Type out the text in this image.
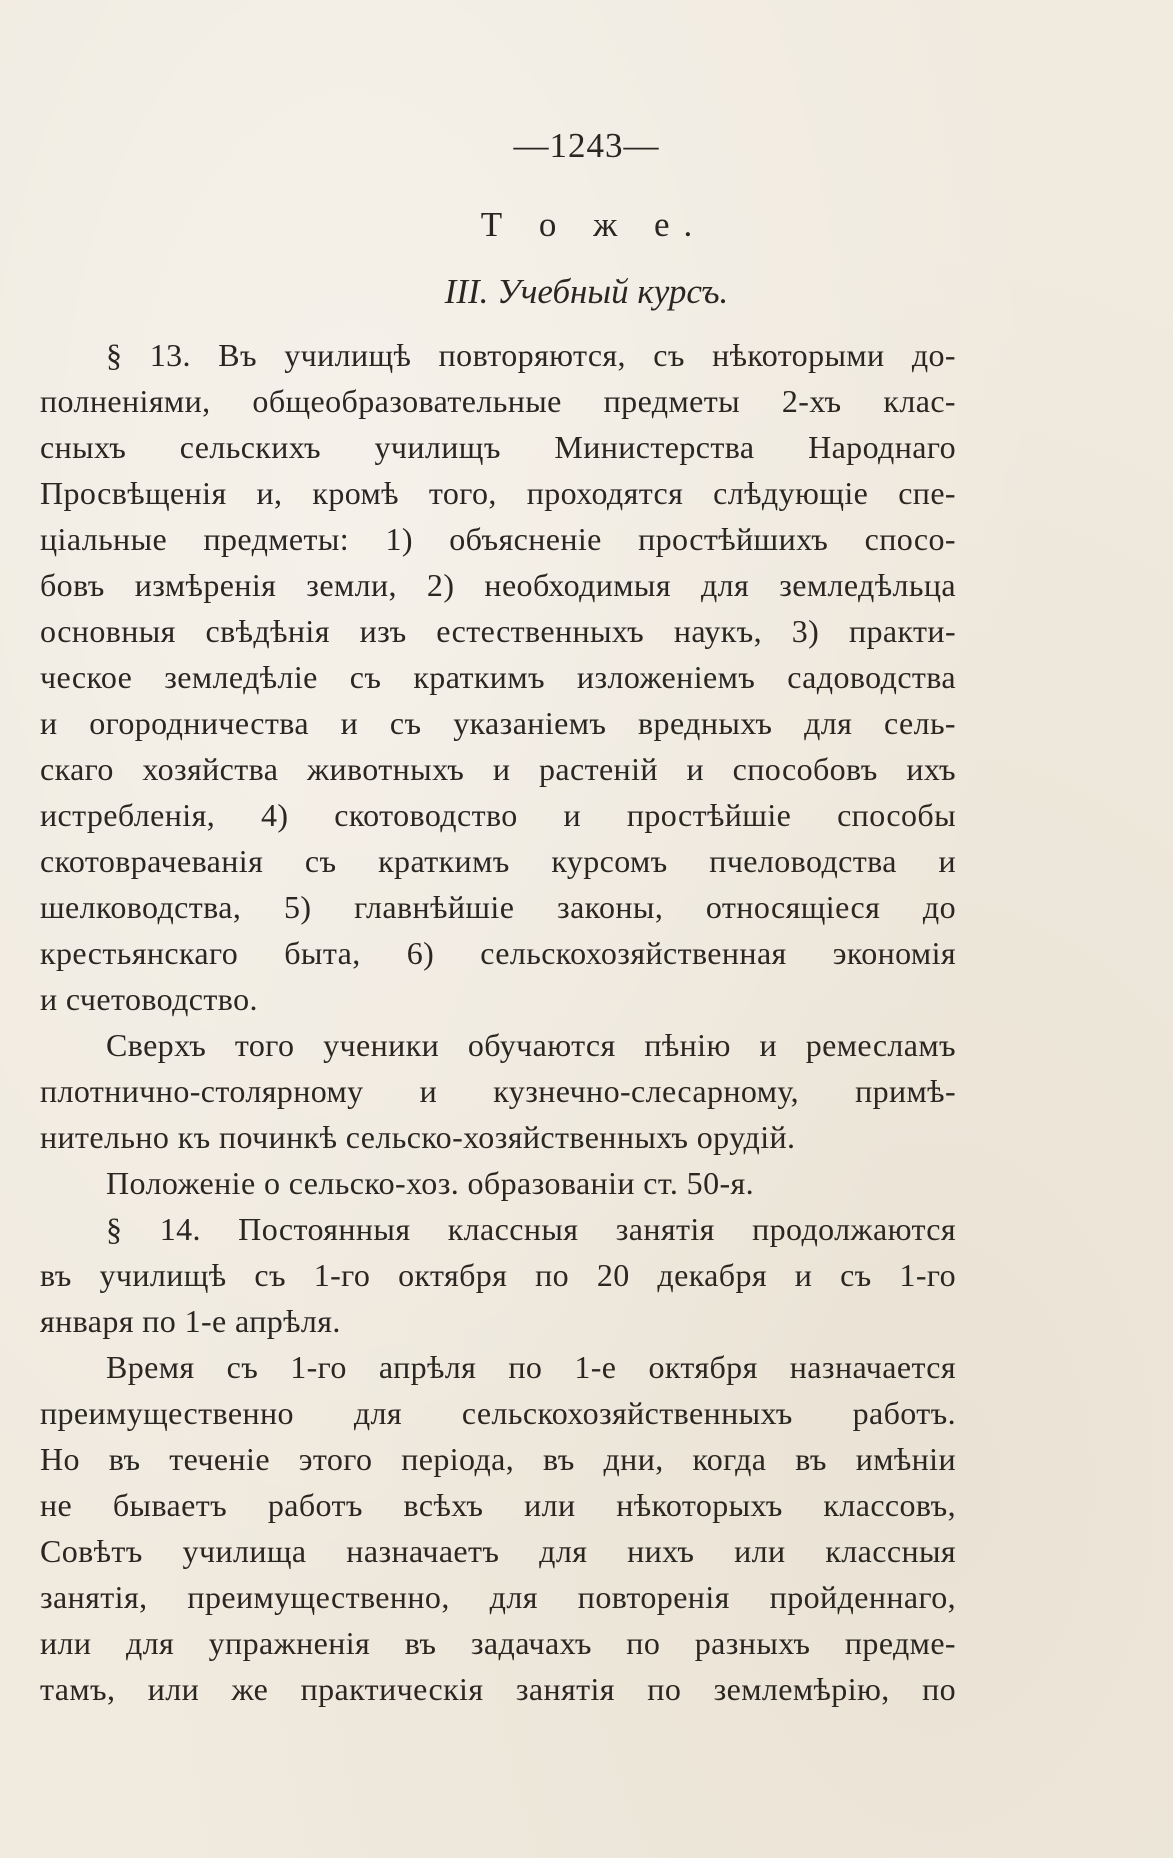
—1243—
Т о ж е.
III. Учебный курсъ.
§ 13. Въ училищѣ повторяются, съ нѣкоторыми до-
полненіями, общеобразовательные предметы 2-хъ клас-
сныхъ сельскихъ училищъ Министерства Народнаго
Просвѣщенія и, кромѣ того, проходятся слѣдующіе спе-
ціальные предметы: 1) объясненіе простѣйшихъ спосо-
бовъ измѣренія земли, 2) необходимыя для земледѣльца
основныя свѣдѣнія изъ естественныхъ наукъ, 3) практи-
ческое земледѣліе съ краткимъ изложеніемъ садоводства
и огородничества и съ указаніемъ вредныхъ для сель-
скаго хозяйства животныхъ и растеній и способовъ ихъ
истребленія, 4) скотоводство и простѣйшіе способы
скотоврачеванія съ краткимъ курсомъ пчеловодства и
шелководства, 5) главнѣйшіе законы, относящіеся до
крестьянскаго быта, 6) сельскохозяйственная экономія
и счетоводство.
Сверхъ того ученики обучаются пѣнію и ремесламъ
плотнично-столярному и кузнечно-слесарному, примѣ-
нительно къ починкѣ сельско-хозяйственныхъ орудій.
Положеніе о сельско-хоз. образованіи ст. 50-я.
§ 14. Постоянныя классныя занятія продолжаются
въ училищѣ съ 1-го октября по 20 декабря и съ 1-го
января по 1-е апрѣля.
Время съ 1-го апрѣля по 1-е октября назначается
преимущественно для сельскохозяйственныхъ работъ.
Но въ теченіе этого періода, въ дни, когда въ имѣніи
не бываетъ работъ всѣхъ или нѣкоторыхъ классовъ,
Совѣтъ училища назначаетъ для нихъ или классныя
занятія, преимущественно, для повторенія пройденнаго,
или для упражненія въ задачахъ по разныхъ предме-
тамъ, или же практическія занятія по землемѣрію, по
